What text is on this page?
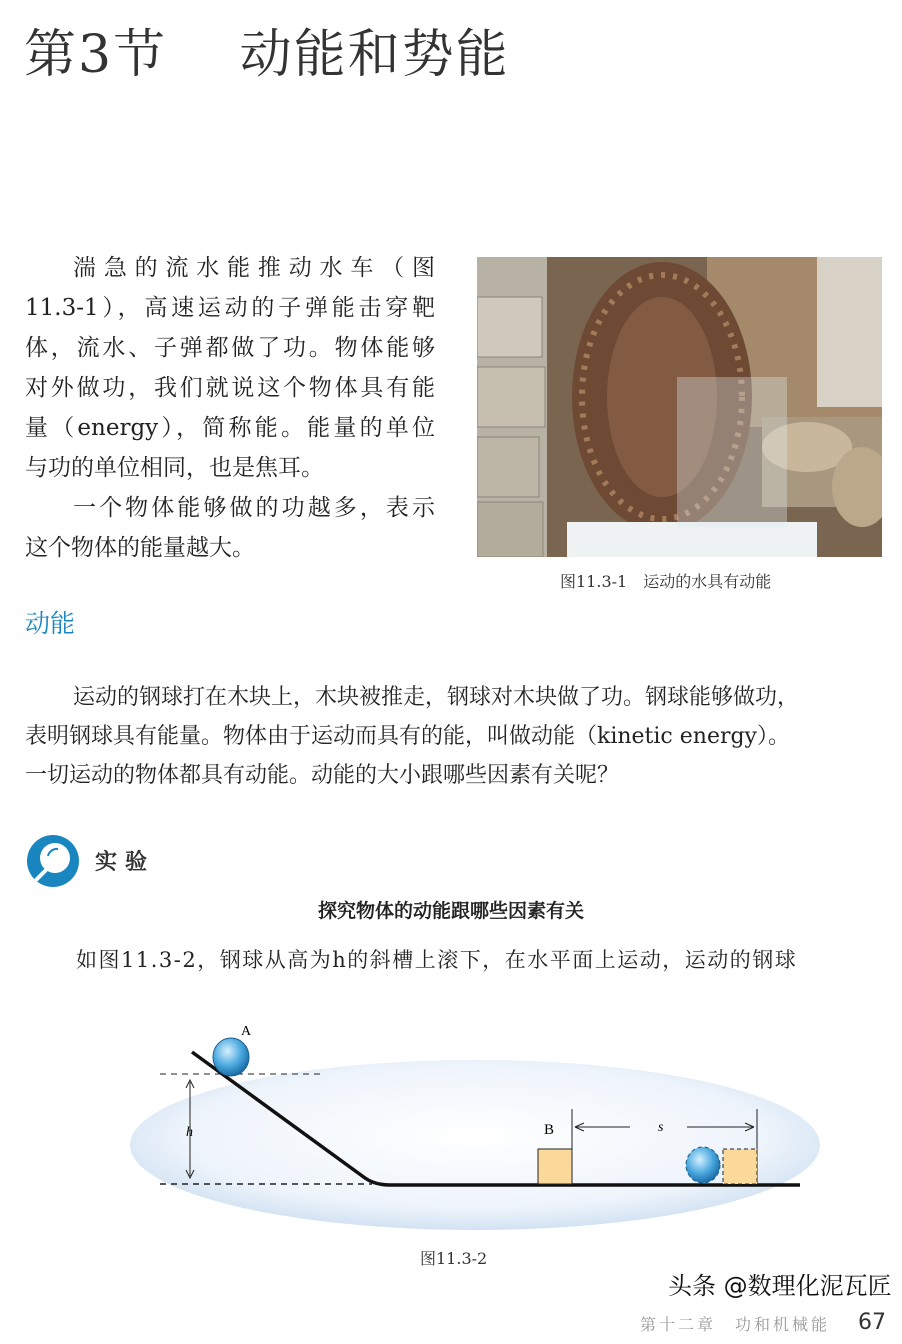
第3节　 动能和势能
湍急的流水能推动水车（图
11.3-1），高速运动的子弹能击穿靶
体，流水、子弹都做了功。物体能够
对外做功，我们就说这个物体具有能
量（energy），简称能。能量的单位
与功的单位相同，也是焦耳。
一个物体能够做的功越多，表示
这个物体的能量越大。
图11.3-1　运动的水具有动能
动能
运动的钢球打在木块上，木块被推走，钢球对木块做了功。钢球能够做功，
表明钢球具有能量。物体由于运动而具有的能，叫做动能（kinetic energy）。
一切运动的物体都具有动能。动能的大小跟哪些因素有关呢？
实验
探究物体的动能跟哪些因素有关
如图11.3-2，钢球从高为h的斜槽上滚下，在水平面上运动，运动的钢球
h
A
B	s
图11.3-2
头条 @数理化泥瓦匠
第十二章　功和机械能 67
